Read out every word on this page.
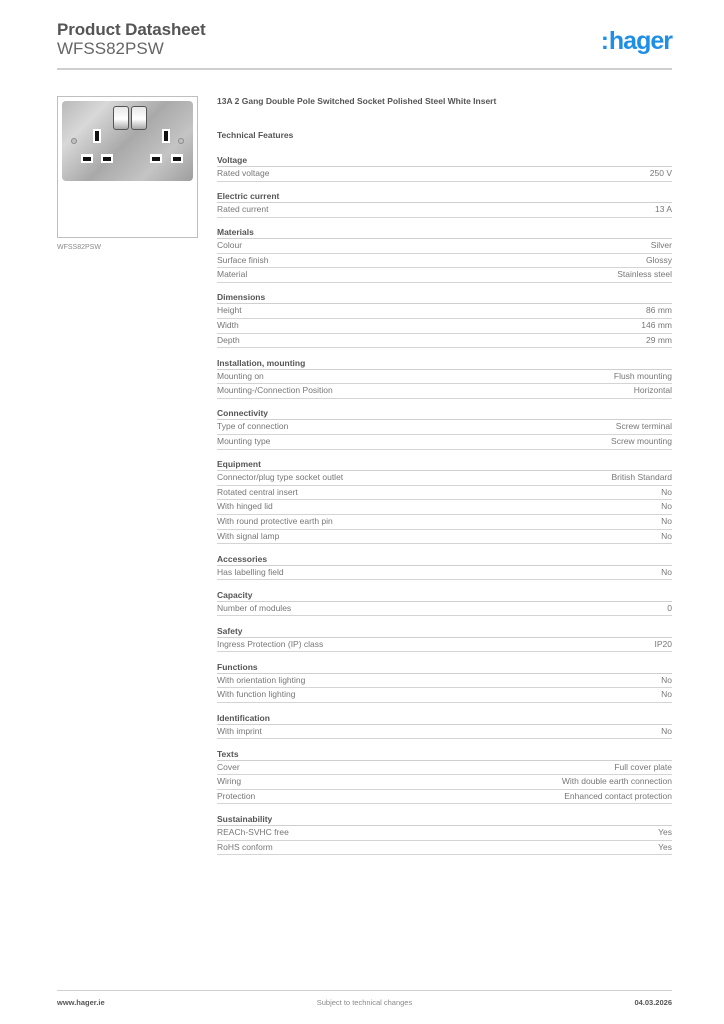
Product Datasheet
WFSS82PSW	:hager
WFSS82PSW
13A 2 Gang Double Pole Switched Socket Polished Steel White Insert
Technical Features
Voltage
Rated voltage	250 V
Electric current
Rated current	13 A
Materials
Colour	Silver
Surface finish	Glossy
Material	Stainless steel
Dimensions
Height	86 mm
Width	146 mm
Depth	29 mm
Installation, mounting
Mounting on	Flush mounting
Mounting-/Connection Position	Horizontal
Connectivity
Type of connection	Screw terminal
Mounting type	Screw mounting
Equipment
Connector/plug type socket outlet	British Standard
Rotated central insert	No
With hinged lid	No
With round protective earth pin	No
With signal lamp	No
Accessories
Has labelling field	No
Capacity
Number of modules	0
Safety
Ingress Protection (IP) class	IP20
Functions
With orientation lighting	No
With function lighting	No
Identification
With imprint	No
Texts
Cover	Full cover plate
Wiring	With double earth connection
Protection	Enhanced contact protection
Sustainability
REACh-SVHC free	Yes
RoHS conform	Yes
www.hager.ie	Subject to technical changes	04.03.2026
